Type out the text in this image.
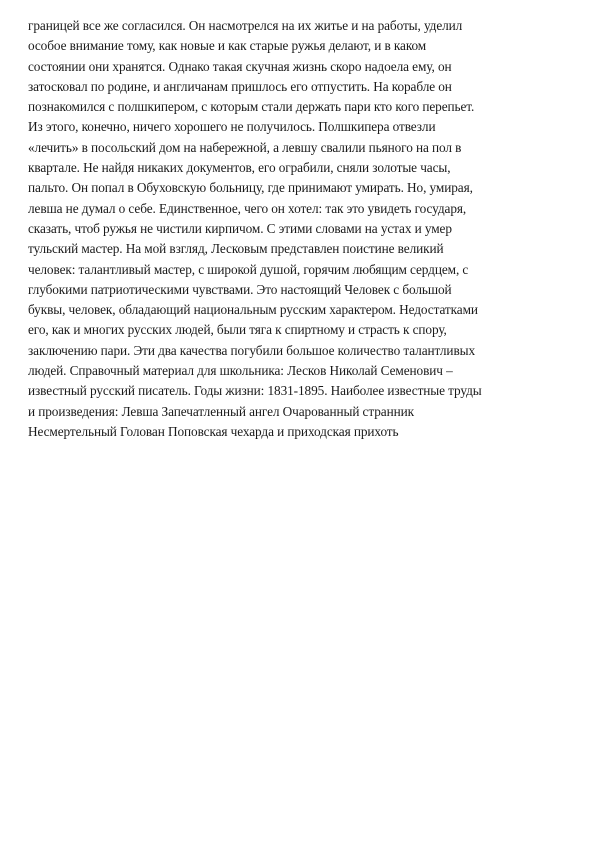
границей все же согласился. Он насмотрелся на их житье и на работы, уделил
особое внимание тому, как новые и как старые ружья делают, и в каком
состоянии они хранятся. Однако такая скучная жизнь скоро надоела ему, он
затосковал по родине, и англичанам пришлось его отпустить. На корабле он
познакомился с полшкипером, с которым стали держать пари кто кого перепьет.
Из этого, конечно, ничего хорошего не получилось. Полшкипера отвезли
«лечить» в посольский дом на набережной, а левшу свалили пьяного на пол в
квартале. Не найдя никаких документов, его ограбили, сняли золотые часы,
пальто. Он попал в Обуховскую больницу, где принимают умирать. Но, умирая,
левша не думал о себе. Единственное, чего он хотел: так это увидеть государя,
сказать, чтоб ружья не чистили кирпичом. С этими словами на устах и умер
тульский мастер. На мой взгляд, Лесковым представлен поистине великий
человек: талантливый мастер, с широкой душой, горячим любящим сердцем, с
глубокими патриотическими чувствами. Это настоящий Человек с большой
буквы, человек, обладающий национальным русским характером. Недостатками
его, как и многих русских людей, были тяга к спиртному и страсть к спору,
заключению пари. Эти два качества погубили большое количество талантливых
людей. Справочный материал для школьника: Лесков Николай Семенович –
известный русский писатель. Годы жизни: 1831-1895. Наиболее известные труды
и произведения: Левша Запечатленный ангел Очарованный странник
Несмертельный Голован Поповская чехарда и приходская прихоть
